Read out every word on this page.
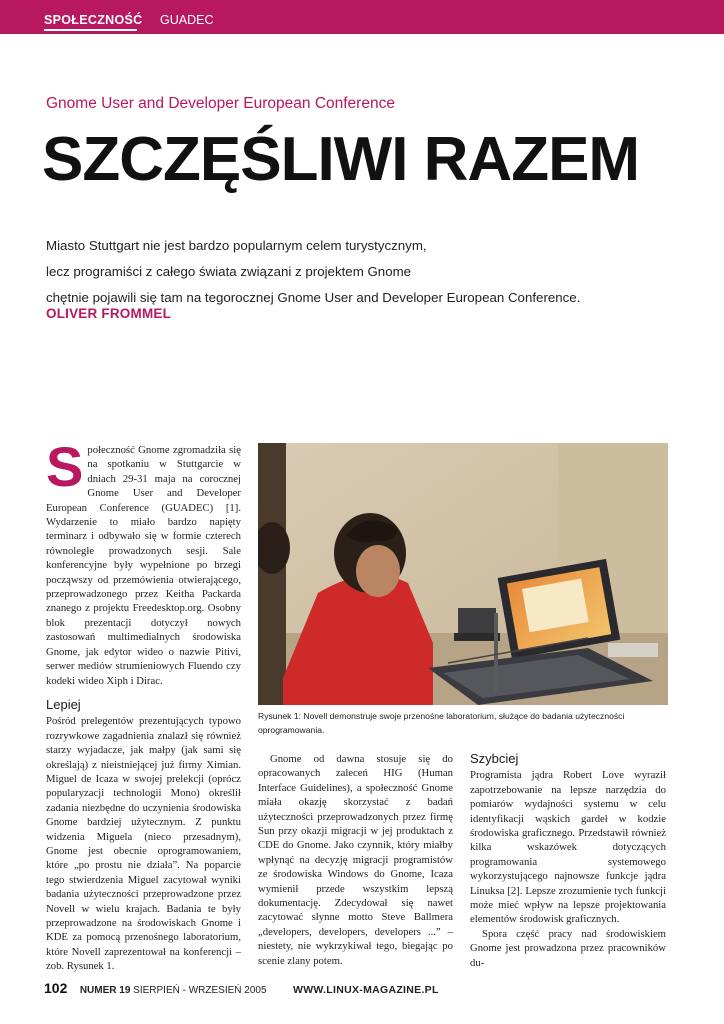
SPOŁECZNOŚĆ GUADEC
Gnome User and Developer European Conference
SZCZĘŚLIWI RAZEM
Miasto Stuttgart nie jest bardzo popularnym celem turystycznym,
lecz programiści z całego świata związani z projektem Gnome
chętnie pojawili się tam na tegorocznej Gnome User and Developer European Conference.
OLIVER FROMMEL
S połeczność Gnome zgromadziła się na spotkaniu w Stuttgarcie w dniach 29-31 maja na corocznej Gnome User and Developer European Conference (GUADEC) [1]. Wydarzenie to miało bardzo napięty terminarz i odbywało się w formie czterech równoległe prowadzonych sesji. Sale konferencyjne były wypełnione po brzegi począwszy od przemówienia otwierającego, przeprowadzonego przez Keitha Packarda znanego z projektu Freedesktop.org. Osobny blok prezentacji dotyczył nowych zastosowań multimedialnych środowiska Gnome, jak edytor wideo o nazwie Pitivi, serwer mediów strumieniowych Fluendo czy kodeki wideo Xiph i Dirac.

Lepiej

Pośród prelegentów prezentujących typowo rozrywkowe zagadnienia znalazł się również starzy wyjadacze, jak małpy (jak sami się określają) z nieistniejącej już firmy Ximian. Miguel de Icaza w swojej prelekcji (oprócz popularyzacji technologii Mono) określił zadania niezbędne do uczynienia środowiska Gnome bardziej użytecznym. Z punktu widzenia Miguela (nieco przesadnym), Gnome jest obecnie oprogramowaniem, które „po prostu nie działa”. Na poparcie tego stwierdzenia Miguel zacytował wyniki badania użyteczności przeprowadzone przez Novell w wielu krajach. Badania te były przeprowadzone na środowiskach Gnome i KDE za pomocą przenośnego laboratorium, które Novell zaprezentował na konferencji – zob. Rysunek 1.

Rysunek 1: Novell demonstruje swoje przenośne laboratorium, służące do badania użyteczności oprogramowania.

Gnome od dawna stosuje się do opracowanych zaleceń HIG (Human Interface Guidelines), a społeczność Gnome miała okazję skorzystać z badań użyteczności przeprowadzonych przez firmę Sun przy okazji migracji w jej produktach z CDE do Gnome. Jako czynnik, który miałby wpłynąć na decyzję migracji programistów ze środowiska Windows do Gnome, Icaza wymienił przede wszystkim lepszą dokumentację. Zdecydował się nawet zacytować słynne motto Steve Ballmera „developers, developers, developers ...” – niestety, nie wykrzykiwał tego, biegając po scenie zlany potem.

Szybciej

Programista jądra Robert Love wyraził zapotrzebowanie na lepsze narzędzia do pomiarów wydajności systemu w celu identyfikacji wąskich gardeł w kodzie środowiska graficznego. Przedstawił również kilka wskazówek dotyczących programowania systemowego wykorzystującego najnowsze funkcje jądra Linuksa [2]. Lepsze zrozumienie tych funkcji może mieć wpływ na lepsze projektowania elementów środowisk graficznych.

Spora część pracy nad środowiskiem Gnome jest prowadzona przez pracowników du-

102 NUMER 19 SIERPIEŃ - WRZESIEŃ 2005	WWW.LINUX-MAGAZINE.PL
